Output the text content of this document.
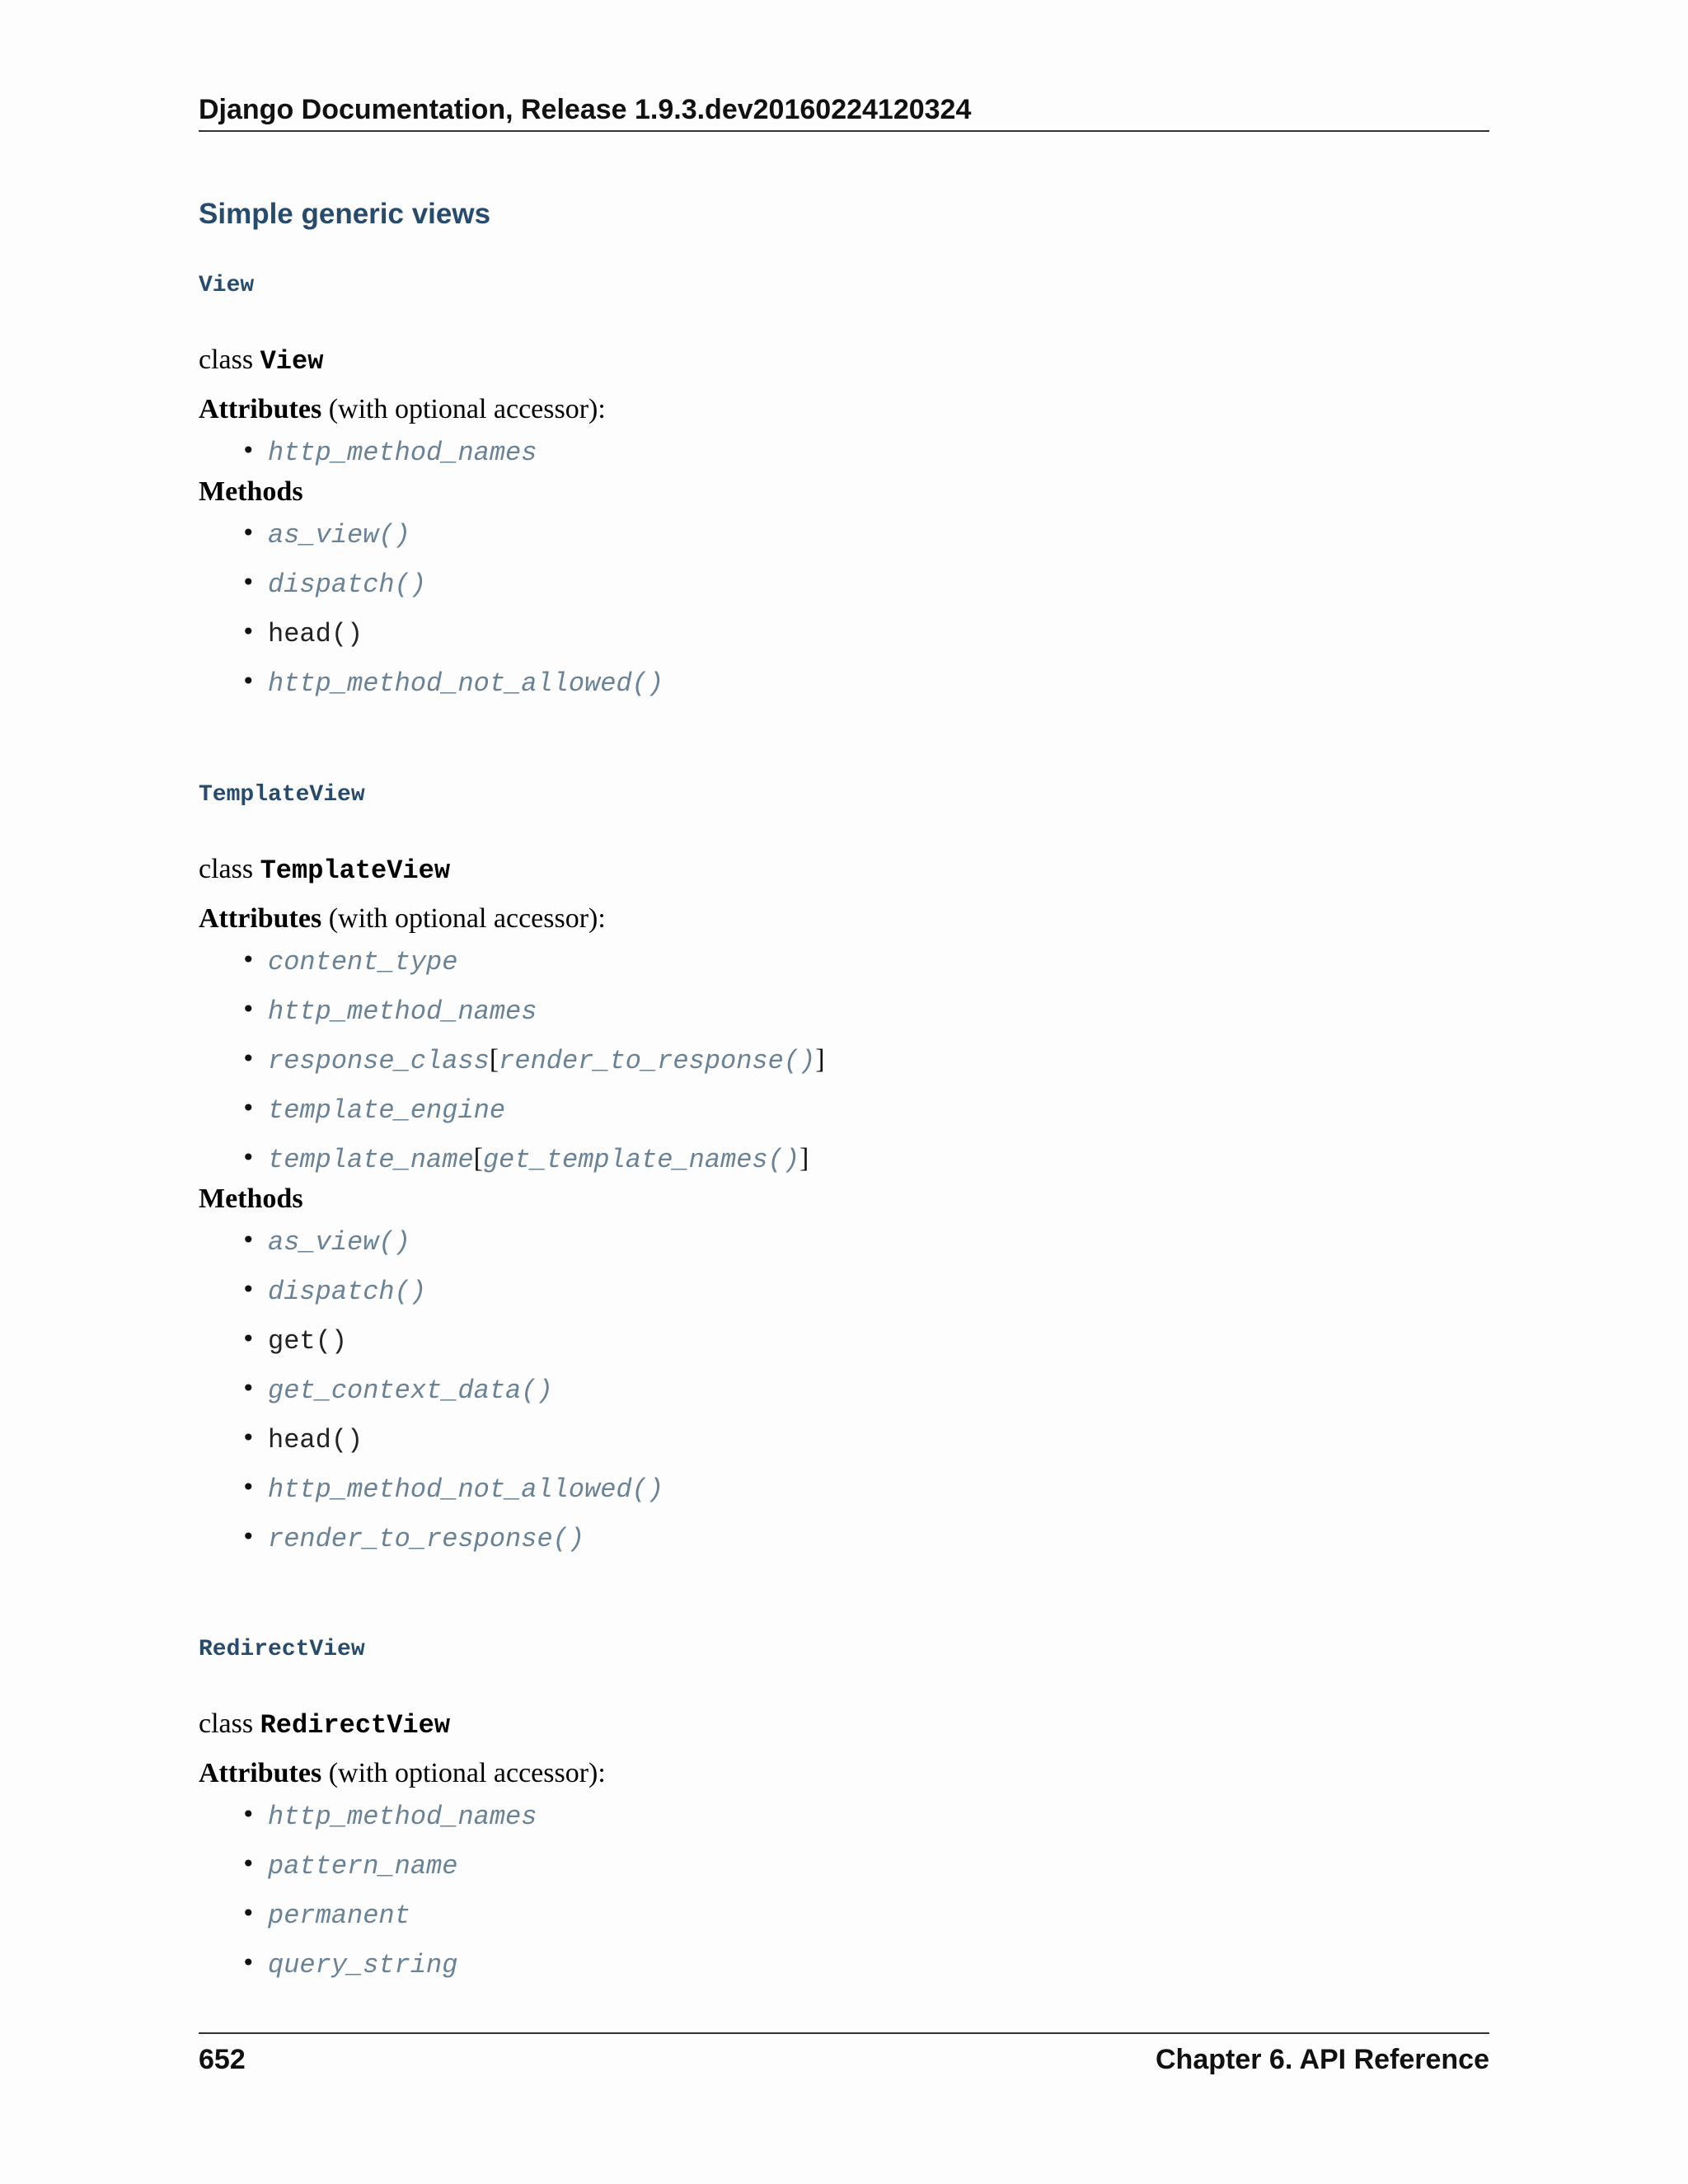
Django Documentation, Release 1.9.3.dev20160224120324
Simple generic views
View
class View
Attributes (with optional accessor):
• http_method_names
Methods
• as_view()
• dispatch()
• head()
• http_method_not_allowed()
TemplateView
class TemplateView
Attributes (with optional accessor):
• content_type
• http_method_names
• response_class[render_to_response()]
• template_engine
• template_name[get_template_names()]
Methods
• as_view()
• dispatch()
• get()
• get_context_data()
• head()
• http_method_not_allowed()
• render_to_response()
RedirectView
class RedirectView
Attributes (with optional accessor):
• http_method_names
• pattern_name
• permanent
• query_string
652	Chapter 6. API Reference
